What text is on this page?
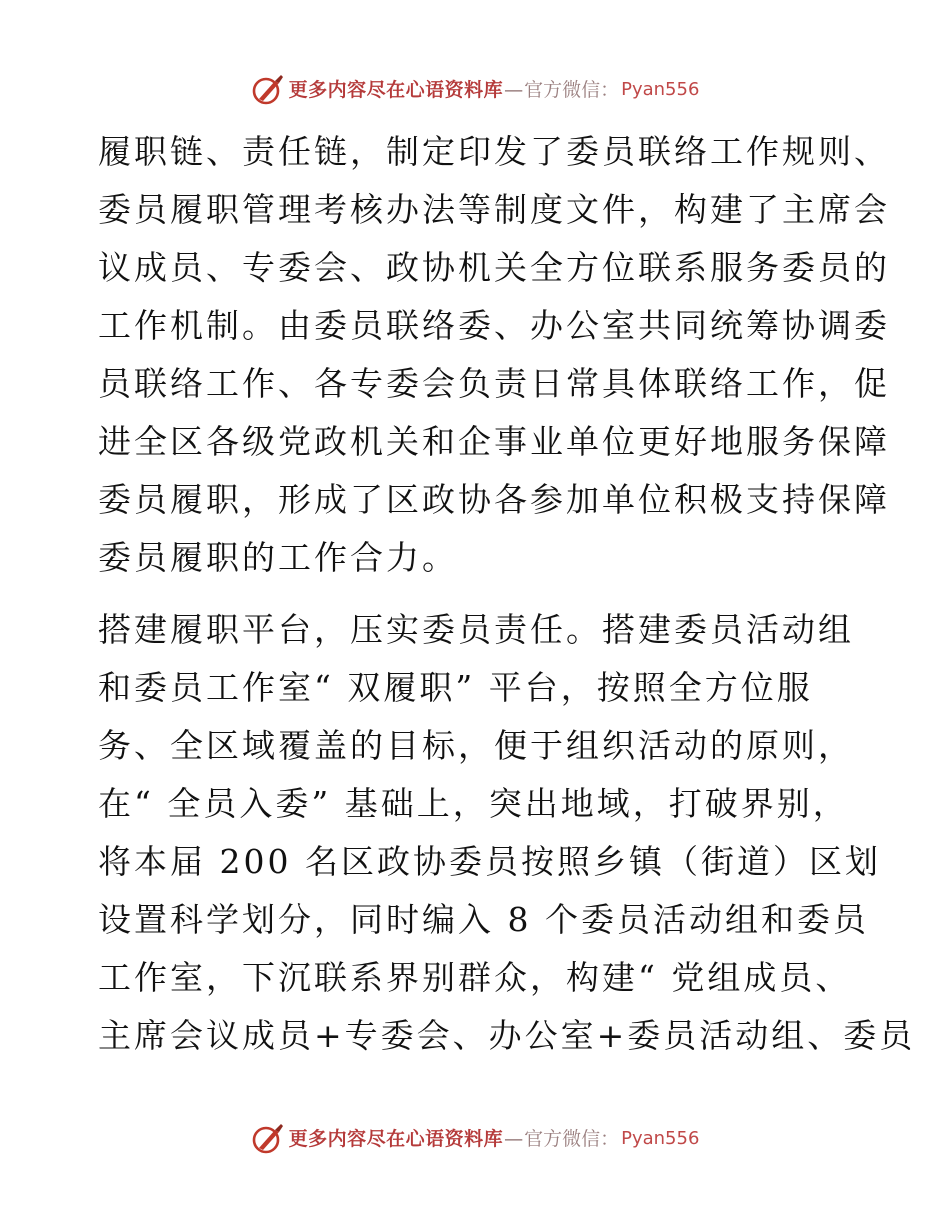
更多内容尽在心语资料库 — 官方微信 ： Pyan556
履职链、责任链，制定印发了委员联络工作规则、
委员履职管理考核办法等制度文件，构建了主席会
议成员、专委会、政协机关全方位联系服务委员的
工作机制。由委员联络委、办公室共同统筹协调委
员联络工作、各专委会负责日常具体联络工作，促
进全区各级党政机关和企事业单位更好地服务保障
委员履职，形成了区政协各参加单位积极支持保障
委员履职的工作合力。
搭建履职平台，压实委员责任。搭建委员活动组
和委员工作室“ 双履职” 平台，按照全方位服
务、全区域覆盖的目标，便于组织活动的原则，
在“ 全员入委” 基础上，突出地域，打破界别，
将本届 200 名区政协委员按照乡镇（街道）区划
设置科学划分，同时编入 8 个委员活动组和委员
工作室，下沉联系界别群众，构建“ 党组成员、
主席会议成员+专委会、办公室+委员活动组、委员
更多内容尽在心语资料库 — 官方微信 ： Pyan556
